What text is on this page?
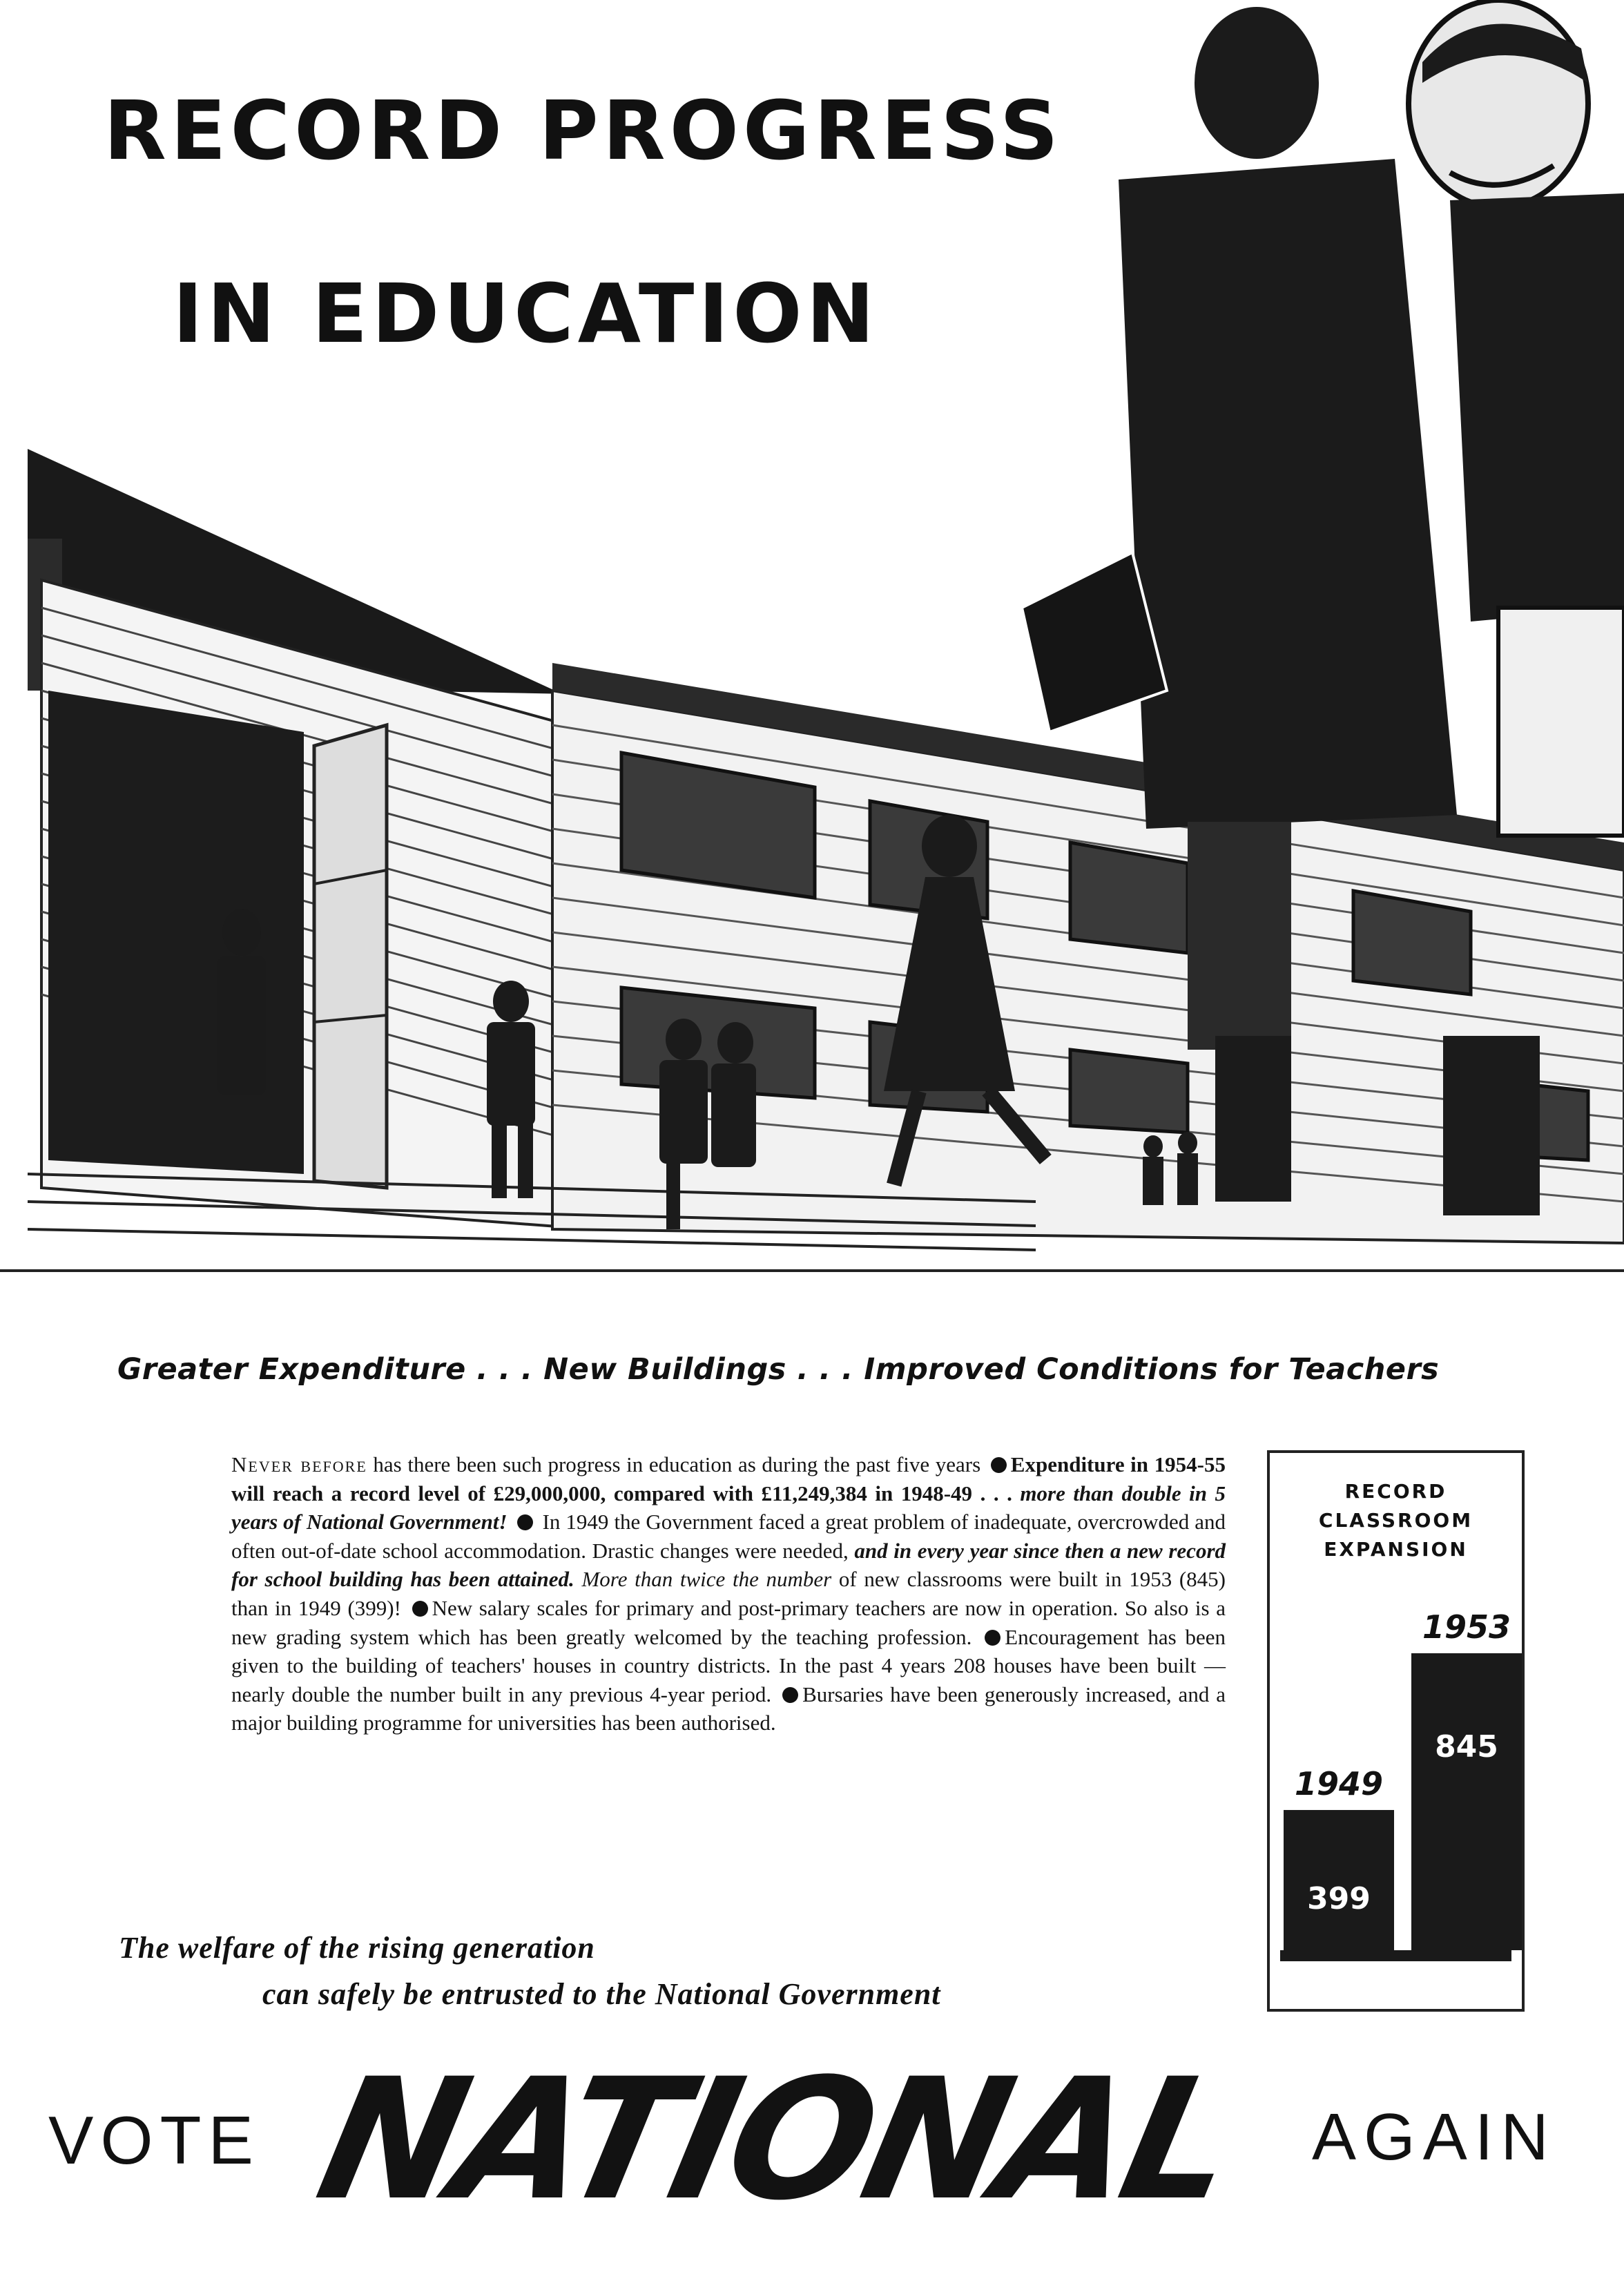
RECORD PROGRESS
IN EDUCATION
Greater Expenditure . . . New Buildings . . . Improved Conditions for Teachers
Never before has there been such progress in education as during the past five years Expenditure in 1954-55 will reach a record level of £29,000,000, compared with £11,249,384 in 1948-49 . . . more than double in 5 years of National Government!  In 1949 the Government faced a great problem of inadequate, overcrowded and often out-of-date school accommodation. Drastic changes were needed, and in every year since then a new record for school building has been attained. More than twice the number of new classrooms were built in 1953 (845) than in 1949 (399)! New salary scales for primary and post-primary teachers are now in operation. So also is a new grading system which has been greatly welcomed by the teaching profession. Encouragement has been given to the building of teachers' houses in country districts. In the past 4 years 208 houses have been built — nearly double the number built in any previous 4-year period. Bursaries have been generously increased, and a major building programme for universities has been authorised.
The welfare of the rising generation
can safely be entrusted to the National Government
RECORD
CLASSROOM
EXPANSION
1949
399
1953
845
VOTE NATIONAL AGAIN
